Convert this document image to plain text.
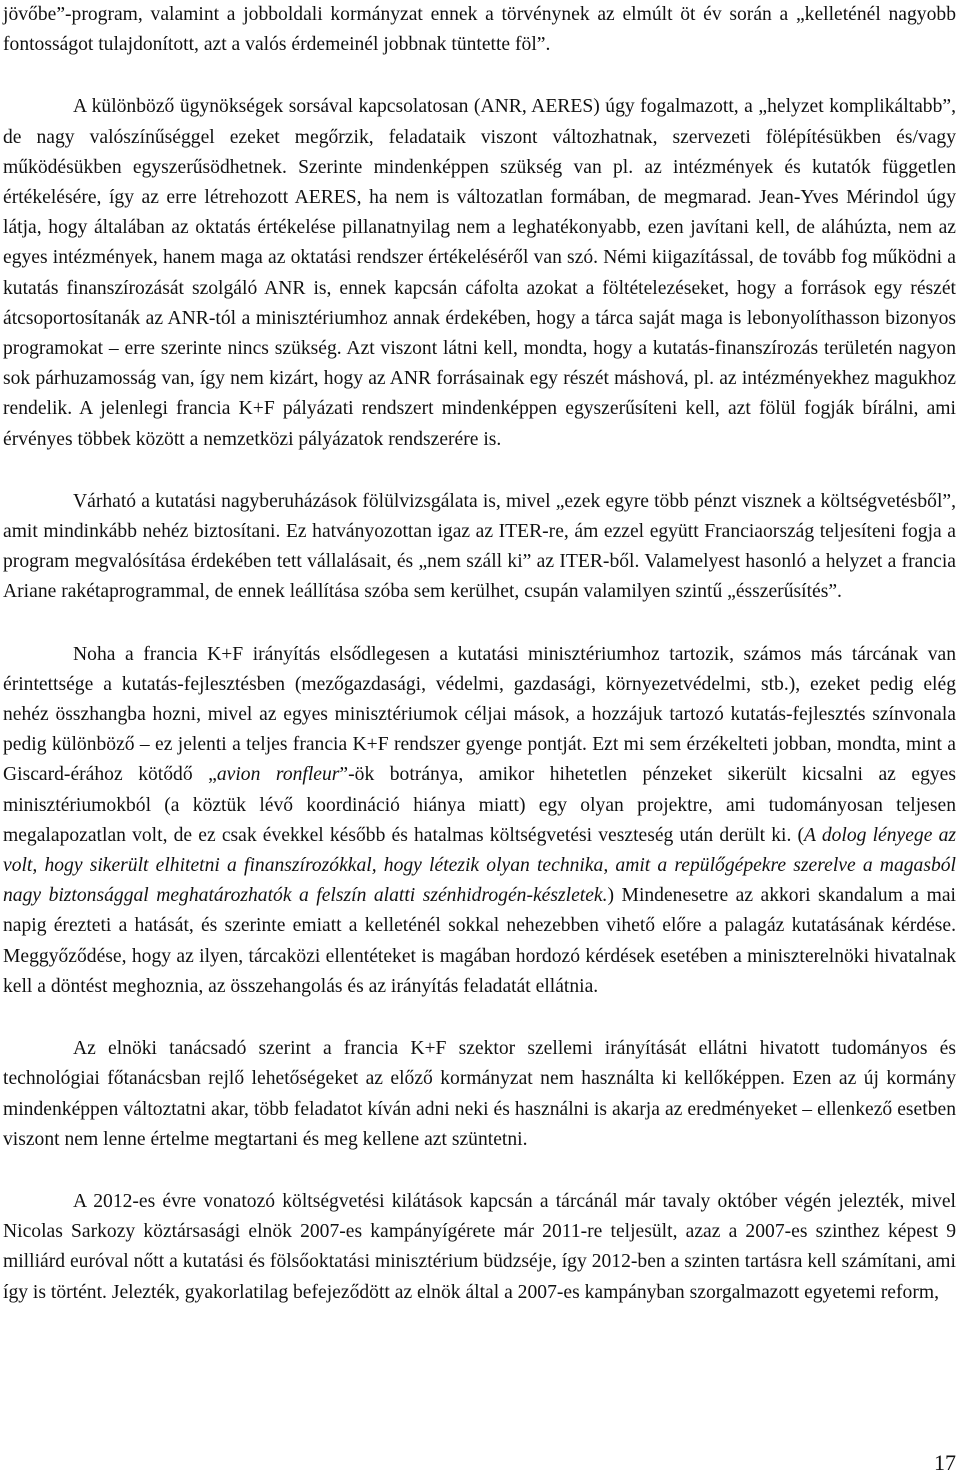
jövőbe”-program, valamint a jobboldali kormányzat ennek a törvénynek az elmúlt öt év során a „kelleténél nagyobb fontosságot tulajdonított, azt a valós érdemeinél jobbnak tüntette föl”.

A különböző ügynökségek sorsával kapcsolatosan (ANR, AERES) úgy fogalmazott, a „helyzet komplikáltabb”, de nagy valószínűséggel ezeket megőrzik, feladataik viszont változhatnak, szervezeti fölépítésükben és/vagy működésükben egyszerűsödhetnek. Szerinte mindenképpen szükség van pl. az intézmények és kutatók független értékelésére, így az erre létrehozott AERES, ha nem is változatlan formában, de megmarad. Jean-Yves Mérindol úgy látja, hogy általában az oktatás értékelése pillanatnyilag nem a leghatékonyabb, ezen javítani kell, de aláhúzta, nem az egyes intézmények, hanem maga az oktatási rendszer értékeléséről van szó. Némi kiigazítással, de tovább fog működni a kutatás finanszírozását szolgáló ANR is, ennek kapcsán cáfolta azokat a föltételezéseket, hogy a források egy részét átcsoportosítanák az ANR-tól a minisztériumhoz annak érdekében, hogy a tárca saját maga is lebonyolíthasson bizonyos programokat – erre szerinte nincs szükség. Azt viszont látni kell, mondta, hogy a kutatás-finanszírozás területén nagyon sok párhuzamosság van, így nem kizárt, hogy az ANR forrásainak egy részét máshová, pl. az intézményekhez magukhoz rendelik. A jelenlegi francia K+F pályázati rendszert mindenképpen egyszerűsíteni kell, azt fölül fogják bírálni, ami érvényes többek között a nemzetközi pályázatok rendszerére is.

Várható a kutatási nagyberuházások fölülvizsgálata is, mivel „ezek egyre több pénzt visznek a költségvetésből”, amit mindinkább nehéz biztosítani. Ez hatványozottan igaz az ITER-re, ám ezzel együtt Franciaország teljesíteni fogja a program megvalósítása érdekében tett vállalásait, és „nem száll ki” az ITER-ből. Valamelyest hasonló a helyzet a francia Ariane rakétaprogrammal, de ennek leállítása szóba sem kerülhet, csupán valamilyen szintű „ésszerűsítés”.

Noha a francia K+F irányítás elsődlegesen a kutatási minisztériumhoz tartozik, számos más tárcának van érintettsége a kutatás-fejlesztésben (mezőgazdasági, védelmi, gazdasági, környezetvédelmi, stb.), ezeket pedig elég nehéz összhangba hozni, mivel az egyes minisztériumok céljai mások, a hozzájuk tartozó kutatás-fejlesztés színvonala pedig különböző – ez jelenti a teljes francia K+F rendszer gyenge pontját. Ezt mi sem érzékelteti jobban, mondta, mint a Giscard-érához kötődő „avion ronfleur”-ök botránya, amikor hihetetlen pénzeket sikerült kicsalni az egyes minisztériumokból (a köztük lévő koordináció hiánya miatt) egy olyan projektre, ami tudományosan teljesen megalapozatlan volt, de ez csak évekkel később és hatalmas költségvetési veszteség után derült ki. (A dolog lényege az volt, hogy sikerült elhitetni a finanszírozókkal, hogy létezik olyan technika, amit a repülőgépekre szerelve a magasból nagy biztonsággal meghatározhatók a felszín alatti szénhidrogén-készletek.) Mindenesetre az akkori skandalum a mai napig érezteti a hatását, és szerinte emiatt a kelleténél sokkal nehezebben vihető előre a palagáz kutatásának kérdése. Meggyőződése, hogy az ilyen, tárcaközi ellentéteket is magában hordozó kérdések esetében a miniszterelnöki hivatalnak kell a döntést meghoznia, az összehangolás és az irányítás feladatát ellátnia.

Az elnöki tanácsadó szerint a francia K+F szektor szellemi irányítását ellátni hivatott tudományos és technológiai főtanácsban rejlő lehetőségeket az előző kormányzat nem használta ki kellőképpen. Ezen az új kormány mindenképpen változtatni akar, több feladatot kíván adni neki és használni is akarja az eredményeket – ellenkező esetben viszont nem lenne értelme megtartani és meg kellene azt szüntetni.

A 2012-es évre vonatozó költségvetési kilátások kapcsán a tárcánál már tavaly október végén jelezték, mivel Nicolas Sarkozy köztársasági elnök 2007-es kampányígérete már 2011-re teljesült, azaz a 2007-es szinthez képest 9 milliárd euróval nőtt a kutatási és fölsőoktatási minisztérium büdzséje, így 2012-ben a szinten tartásra kell számítani, ami így is történt. Jelezték, gyakorlatilag befejeződött az elnök által a 2007-es kampányban szorgalmazott egyetemi reform,

17
